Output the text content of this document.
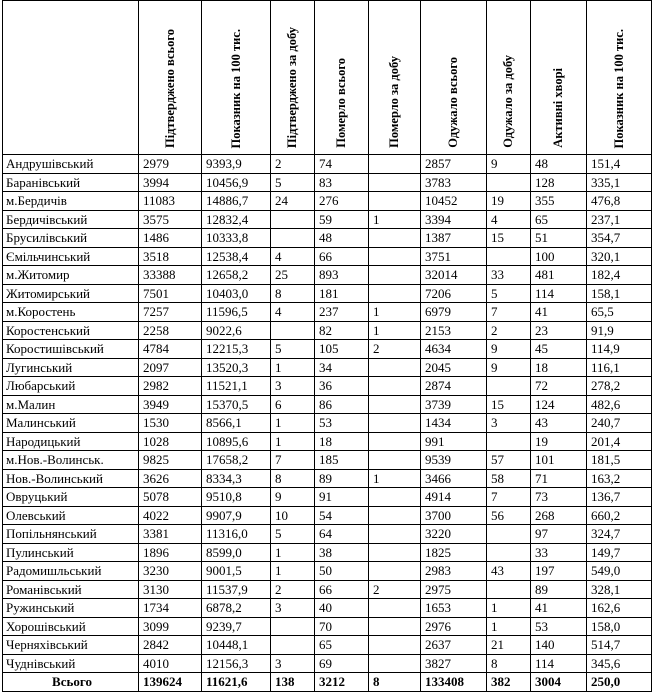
	Підтверджено всього	Показник на 100 тис.	Підтверджено за добу	Померло всього	Померло за добу	Одужало всього	Одужало за добу	Активні хворі	Показник на 100 тис.
Андрушівський	2979	9393,9	2	74		2857	9	48	151,4
Баранівський	3994	10456,9	5	83		3783		128	335,1
м.Бердичів	11083	14886,7	24	276		10452	19	355	476,8
Бердичівський	3575	12832,4		59	1	3394	4	65	237,1
Брусилівський	1486	10333,8		48		1387	15	51	354,7
Ємільчинський	3518	12538,4	4	66		3751		100	320,1
м.Житомир	33388	12658,2	25	893		32014	33	481	182,4
Житомирський	7501	10403,0	8	181		7206	5	114	158,1
м.Коростень	7257	11596,5	4	237	1	6979	7	41	65,5
Коростенський	2258	9022,6		82	1	2153	2	23	91,9
Коростишівський	4784	12215,3	5	105	2	4634	9	45	114,9
Лугинський	2097	13520,3	1	34		2045	9	18	116,1
Любарський	2982	11521,1	3	36		2874		72	278,2
м.Малин	3949	15370,5	6	86		3739	15	124	482,6
Малинський	1530	8566,1	1	53		1434	3	43	240,7
Народицький	1028	10895,6	1	18		991		19	201,4
м.Нов.-Волинськ.	9825	17658,2	7	185		9539	57	101	181,5
Нов.-Волинський	3626	8334,3	8	89	1	3466	58	71	163,2
Овруцький	5078	9510,8	9	91		4914	7	73	136,7
Олевський	4022	9907,9	10	54		3700	56	268	660,2
Попільнянський	3381	11316,0	5	64		3220		97	324,7
Пулинський	1896	8599,0	1	38		1825		33	149,7
Радомишльський	3230	9001,5	1	50		2983	43	197	549,0
Романівський	3130	11537,9	2	66	2	2975		89	328,1
Ружинський	1734	6878,2	3	40		1653	1	41	162,6
Хорошівський	3099	9239,7		70		2976	1	53	158,0
Черняхівський	2842	10448,1		65		2637	21	140	514,7
Чуднівський	4010	12156,3	3	69		3827	8	114	345,6
Всього	139624	11621,6	138	3212	8	133408	382	3004	250,0
